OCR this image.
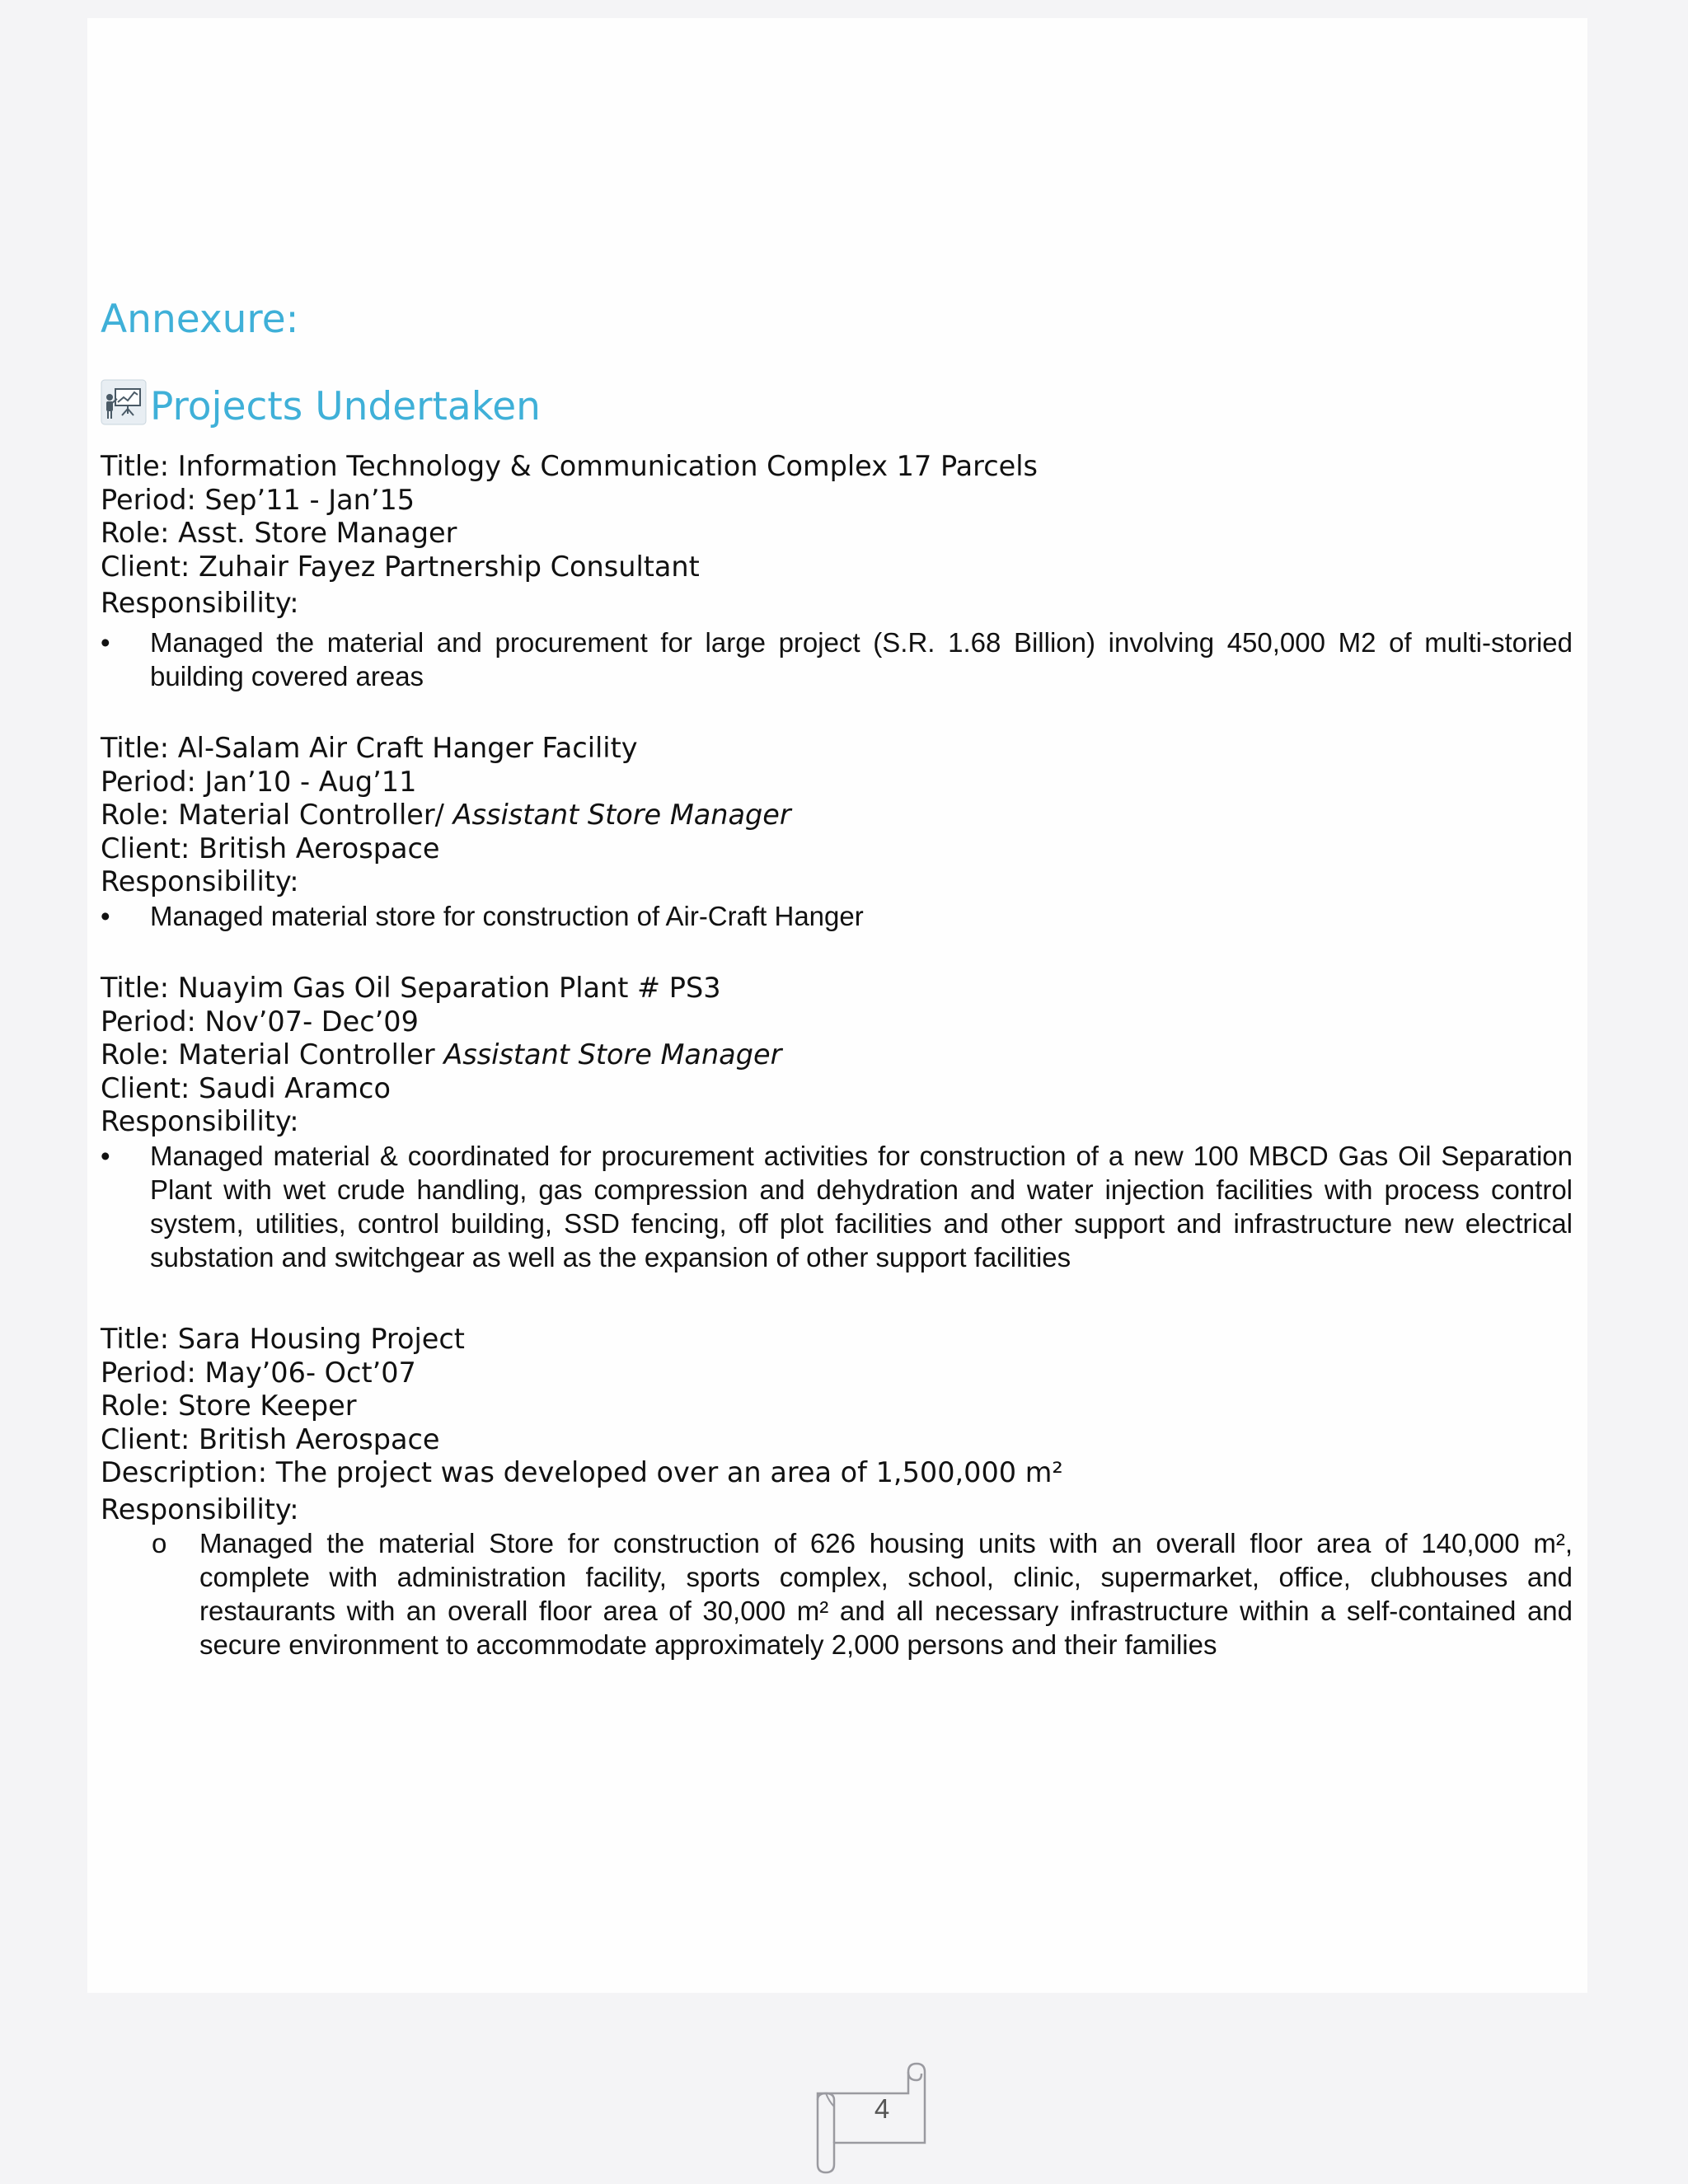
Annexure:
Projects Undertaken
Title: Information Technology & Communication Complex 17 Parcels
Period: Sep’11 - Jan’15
Role: Asst. Store Manager
Client: Zuhair Fayez Partnership Consultant
Responsibility:
•	Managed the material and procurement for large project (S.R. 1.68 Billion) involving 450,000 M2 of multi-storied building covered areas
Title: Al-Salam Air Craft Hanger Facility
Period: Jan’10 - Aug’11
Role: Material Controller/ Assistant Store Manager
Client: British Aerospace
Responsibility:
•	Managed material store for construction of Air-Craft Hanger
Title: Nuayim Gas Oil Separation Plant # PS3
Period: Nov’07- Dec’09
Role: Material Controller Assistant Store Manager
Client: Saudi Aramco
Responsibility:
•	Managed material & coordinated for procurement activities for construction of a new 100 MBCD Gas Oil Separation Plant with wet crude handling, gas compression and dehydration and water injection facilities with process control system, utilities, control building, SSD fencing, off plot facilities and other support and infrastructure new electrical substation and switchgear as well as the expansion of other support facilities
Title: Sara Housing Project
Period: May’06- Oct’07
Role: Store Keeper
Client: British Aerospace
Description: The project was developed over an area of 1,500,000 m²
Responsibility:
o	Managed the material Store for construction of 626 housing units with an overall floor area of 140,000 m², complete with administration facility, sports complex, school, clinic, supermarket, office, clubhouses and restaurants with an overall floor area of 30,000 m² and all necessary infrastructure within a self-contained and secure environment to accommodate approximately 2,000 persons and their families
4
